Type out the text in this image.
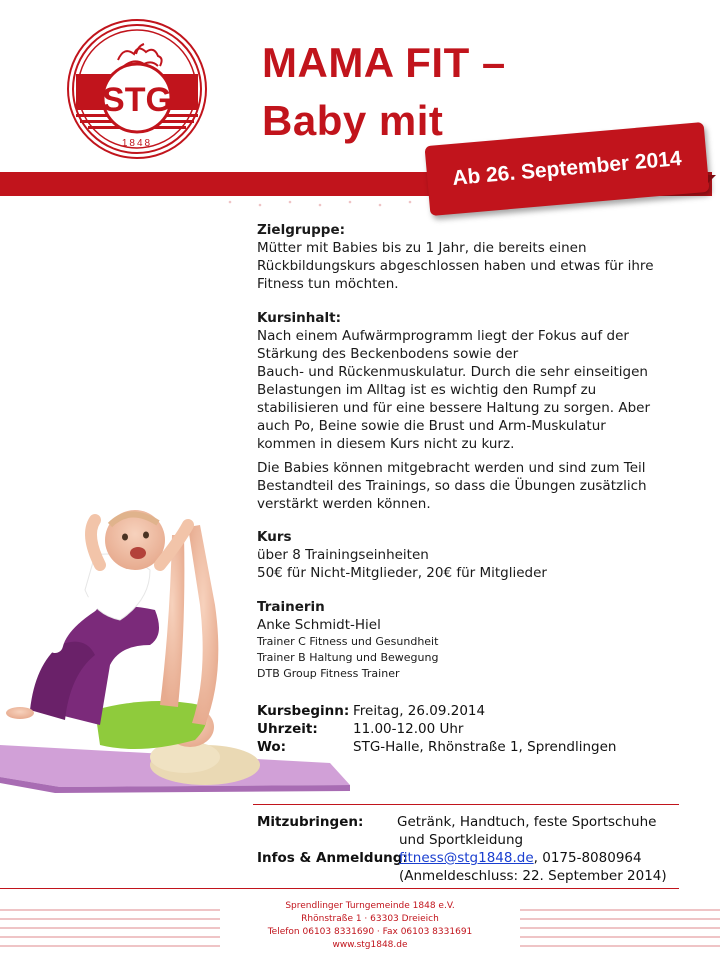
STG
1848
MAMA FIT –
Baby mit
Ab 26. September 2014
Zielgruppe:
Mütter mit Babies bis zu 1 Jahr, die bereits einen
Rückbildungskurs abgeschlossen haben und etwas für ihre
Fitness tun möchten.
Kursinhalt:
Nach einem Aufwärmprogramm liegt der Fokus auf der
Stärkung des Beckenbodens sowie der
Bauch- und Rückenmuskulatur. Durch die sehr einseitigen
Belastungen im Alltag ist es wichtig den Rumpf zu
stabilisieren und für eine bessere Haltung zu sorgen. Aber
auch Po, Beine sowie die Brust und Arm-Muskulatur
kommen in diesem Kurs nicht zu kurz.
Die Babies können mitgebracht werden und sind zum Teil
Bestandteil des Trainings, so dass die Übungen zusätzlich
verstärkt werden können.
Kurs
über 8 Trainingseinheiten
50€ für Nicht-Mitglieder, 20€ für Mitglieder
Trainerin
Anke Schmidt-Hiel
Trainer C Fitness und Gesundheit
Trainer B Haltung und Bewegung
DTB Group Fitness Trainer
Kursbeginn: Freitag, 26.09.2014
Uhrzeit:	11.00-12.00 Uhr
Wo:	STG-Halle, Rhönstraße 1, Sprendlingen
Mitzubringen: Getränk, Handtuch, feste Sportschuhe
und Sportkleidung
Infos & Anmeldung:
fitness@stg1848.de, 0175-8080964
(Anmeldeschluss: 22. September 2014)
Sprendlinger Turngemeinde 1848 e.V.
Rhönstraße 1 · 63303 Dreieich
Telefon 06103 8331690 · Fax 06103 8331691
www.stg1848.de
